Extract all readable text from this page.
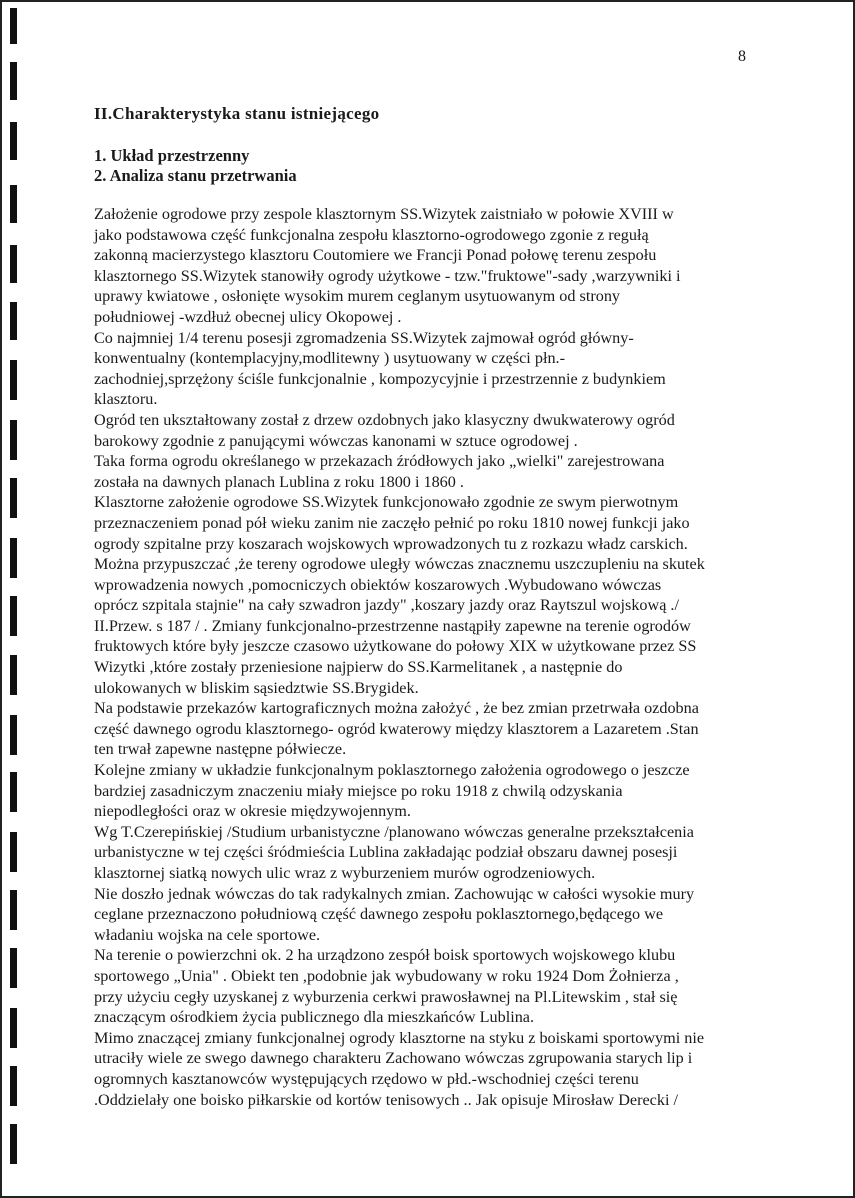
8
II.Charakterystyka stanu istniejącego
1. Układ przestrzenny
2. Analiza stanu przetrwania
Założenie ogrodowe przy zespole klasztornym SS.Wizytek zaistniało w połowie XVIII w
jako podstawowa część funkcjonalna zespołu klasztorno-ogrodowego zgonie z regułą
zakonną macierzystego klasztoru Coutomiere we Francji Ponad połowę terenu zespołu
klasztornego SS.Wizytek stanowiły ogrody użytkowe - tzw."fruktowe"-sady ,warzywniki i
uprawy kwiatowe , osłonięte wysokim murem ceglanym usytuowanym od strony
południowej -wzdłuż obecnej ulicy Okopowej .
Co najmniej 1/4 terenu posesji zgromadzenia SS.Wizytek zajmował ogród główny-
konwentualny (kontemplacyjny,modlitewny ) usytuowany w części płn.-
zachodniej,sprzężony ściśle funkcjonalnie , kompozycyjnie i przestrzennie z budynkiem
klasztoru.
Ogród ten ukształtowany został z drzew ozdobnych jako klasyczny dwukwaterowy ogród
barokowy zgodnie z panującymi wówczas kanonami w sztuce ogrodowej .
Taka forma ogrodu określanego w przekazach źródłowych jako „wielki" zarejestrowana
została na dawnych planach Lublina z roku 1800 i 1860 .
Klasztorne założenie ogrodowe SS.Wizytek funkcjonowało zgodnie ze swym pierwotnym
przeznaczeniem ponad pół wieku zanim nie zaczęło pełnić po roku 1810 nowej funkcji jako
ogrody szpitalne przy koszarach wojskowych wprowadzonych tu z rozkazu władz carskich.
Można przypuszczać ,że tereny ogrodowe uległy wówczas znacznemu uszczupleniu na skutek
wprowadzenia nowych ,pomocniczych obiektów koszarowych .Wybudowano wówczas
oprócz szpitala stajnie" na cały szwadron jazdy" ,koszary jazdy oraz Raytszul wojskową ./
II.Przew. s 187 / . Zmiany funkcjonalno-przestrzenne nastąpiły zapewne na terenie ogrodów
fruktowych które były jeszcze czasowo użytkowane do połowy XIX w użytkowane przez SS
Wizytki ,które zostały przeniesione najpierw do SS.Karmelitanek , a następnie do
ulokowanych w bliskim sąsiedztwie SS.Brygidek.
Na podstawie przekazów kartograficznych można założyć , że bez zmian przetrwała ozdobna
część dawnego ogrodu klasztornego- ogród kwaterowy między klasztorem a Lazaretem .Stan
ten trwał zapewne następne półwiecze.
Kolejne zmiany w układzie funkcjonalnym poklasztornego założenia ogrodowego o jeszcze
bardziej zasadniczym znaczeniu miały miejsce po roku 1918 z chwilą odzyskania
niepodległości oraz w okresie międzywojennym.
Wg T.Czerepińskiej /Studium urbanistyczne /planowano wówczas generalne przekształcenia
urbanistyczne w tej części śródmieścia Lublina zakładając podział obszaru dawnej posesji
klasztornej siatką nowych ulic wraz z wyburzeniem murów ogrodzeniowych.
Nie doszło jednak wówczas do tak radykalnych zmian. Zachowując w całości wysokie mury
ceglane przeznaczono południową część dawnego zespołu poklasztornego,będącego we
władaniu wojska na cele sportowe.
Na terenie o powierzchni ok. 2 ha urządzono zespół boisk sportowych wojskowego klubu
sportowego „Unia" . Obiekt ten ,podobnie jak wybudowany w roku 1924 Dom Żołnierza ,
przy użyciu cegły uzyskanej z wyburzenia cerkwi prawosławnej na Pl.Litewskim , stał się
znaczącym ośrodkiem życia publicznego dla mieszkańców Lublina.
Mimo znaczącej zmiany funkcjonalnej ogrody klasztorne na styku z boiskami sportowymi nie
utraciły wiele ze swego dawnego charakteru Zachowano wówczas zgrupowania starych lip i
ogromnych kasztanowców występujących rzędowo w płd.-wschodniej części terenu
.Oddzielały one boisko piłkarskie od kortów tenisowych .. Jak opisuje Mirosław Derecki /
